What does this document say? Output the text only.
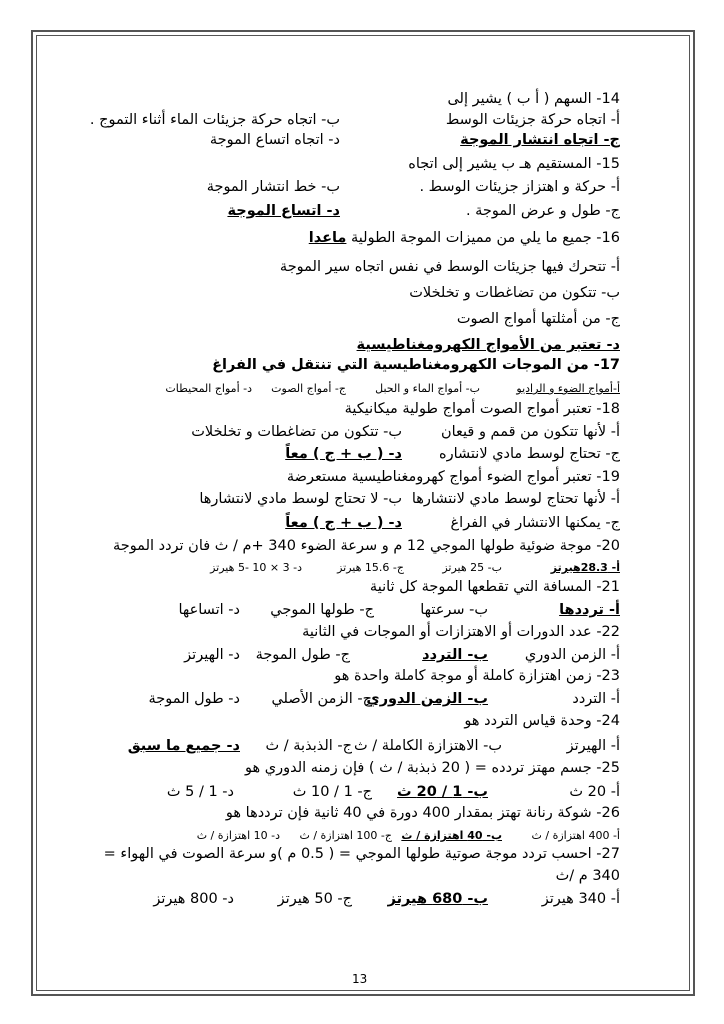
14- السهم ( أ ب ) يشير إلى
أ- اتجاه حركة جزيئات الوسط
ب- اتجاه حركة جزيئات الماء أثناء التموج .
ج- اتجاه انتشار الموجة
د- اتجاه اتساع الموجة
15- المستقيم هـ ب يشير إلى اتجاه
أ- حركة و اهتزاز جزيئات الوسط .
ب- خط انتشار الموجة
ج- طول و عرض الموجة .
د- اتساع الموجة
16- جميع ما يلي من مميزات الموجة الطولية ماعدا
أ- تتحرك فيها جزيئات الوسط في نفس اتجاه سير الموجة
ب- تتكون من تضاغطات و تخلخلات
ج- من أمثلتها أمواج الصوت
د- تعتبر من الأمواج الكهرومغناطيسية
17- من الموجات الكهرومغناطيسية التي تنتقل في الفراغ
أ-أمواج الضوء و الراديو
ب- أمواج الماء و الحبل
ج- أمواج الصوت
د- أمواج المحيطات
18- تعتبر أمواج الصوت أمواج طولية ميكانيكية
أ- لأنها تتكون من قمم و قيعان
ب- تتكون من تضاغطات و تخلخلات
ج- تحتاج لوسط مادي لانتشاره
د- ( ب + ج ) معاً
19- تعتبر أمواج الضوء أمواج كهرومغناطيسية مستعرضة
أ- لأنها تحتاج لوسط مادي لانتشارها
ب- لا تحتاج لوسط مادي لانتشارها
ج- يمكنها الانتشار في الفراغ
د- ( ب + ج ) معاً
20- موجة ضوئية طولها الموجي 12 م و سرعة الضوء 340 +م / ث فان تردد الموجة
أ- 28.3هيرتز
ب- 25 هيرتز
ج- 15.6 هيرتز
د- 3 × 10 -5 هيرتز
21- المسافة التي تقطعها الموجة كل ثانية
أ- ترددها
ب- سرعتها
ج- طولها الموجي
د- اتساعها
22- عدد الدورات أو الاهتزازات أو الموجات في الثانية
أ- الزمن الدوري
ب- التردد
ج- طول الموجة
د- الهيرتز
23- زمن اهتزازة كاملة أو موجة كاملة واحدة هو
أ- التردد
ب- الزمن الدوري
ج- الزمن الأصلي
د- طول الموجة
24- وحدة قياس التردد هو
أ- الهيرتز
ب- الاهتزازة الكاملة / ث
ج- الذبذبة / ث
د- جميع ما سبق
25- جسم مهتز تردده = ( 20 ذبذبة / ث ) فإن زمنه الدوري هو
أ- 20 ث
ب- 1 / 20 ث
ج- 1 / 10 ث
د- 1 / 5 ث
26- شوكة رنانة تهتز بمقدار 400 دورة في 40 ثانية فإن ترددها هو
أ- 400 اهتزازة / ث
ب- 40 اهتزازة / ث
ج- 100 اهتزازة / ث
د- 10 اهتزازة / ث
27- احسب تردد موجة صوتية طولها الموجي = ( 0.5 م )و سرعة الصوت في الهواء =
340 م /ث
أ- 340 هيرتز
ب- 680 هيرتز
ج- 50 هيرتز
د- 800 هيرتز
13
